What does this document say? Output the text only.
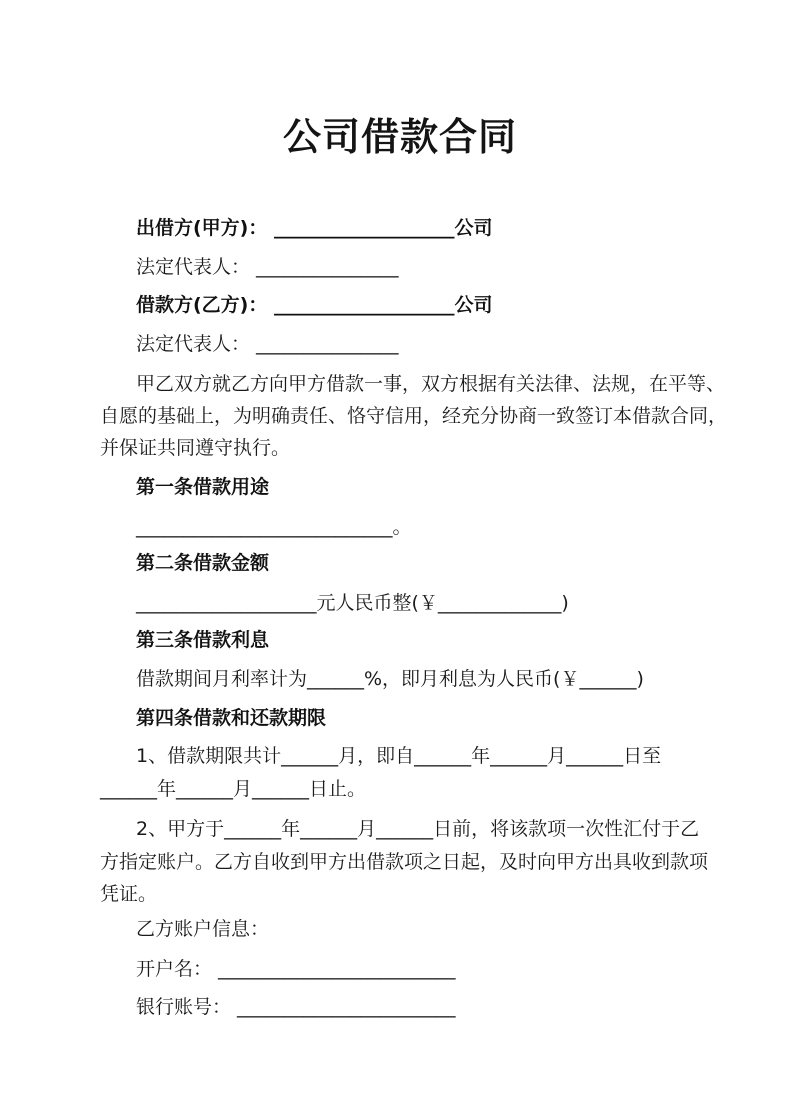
公司借款合同
出借方(甲方)： ___________________公司
法定代表人： _______________
借款方(乙方)： ___________________公司
法定代表人： _______________
甲乙双方就乙方向甲方借款一事，双方根据有关法律、法规，在平等、
自愿的基础上，为明确责任、恪守信用，经充分协商一致签订本借款合同，
并保证共同遵守执行。
第一条借款用途
___________________________。
第二条借款金额
___________________元人民币整(￥_____________)
第三条借款利息
借款期间月利率计为______%，即月利息为人民币(￥______)
第四条借款和还款期限
1、借款期限共计______月，即自______年______月______日至
______年______月______日止。
2、甲方于______年______月______日前，将该款项一次性汇付于乙
方指定账户。乙方自收到甲方出借款项之日起，及时向甲方出具收到款项
凭证。
乙方账户信息：
开户名： _________________________
银行账号： _______________________
